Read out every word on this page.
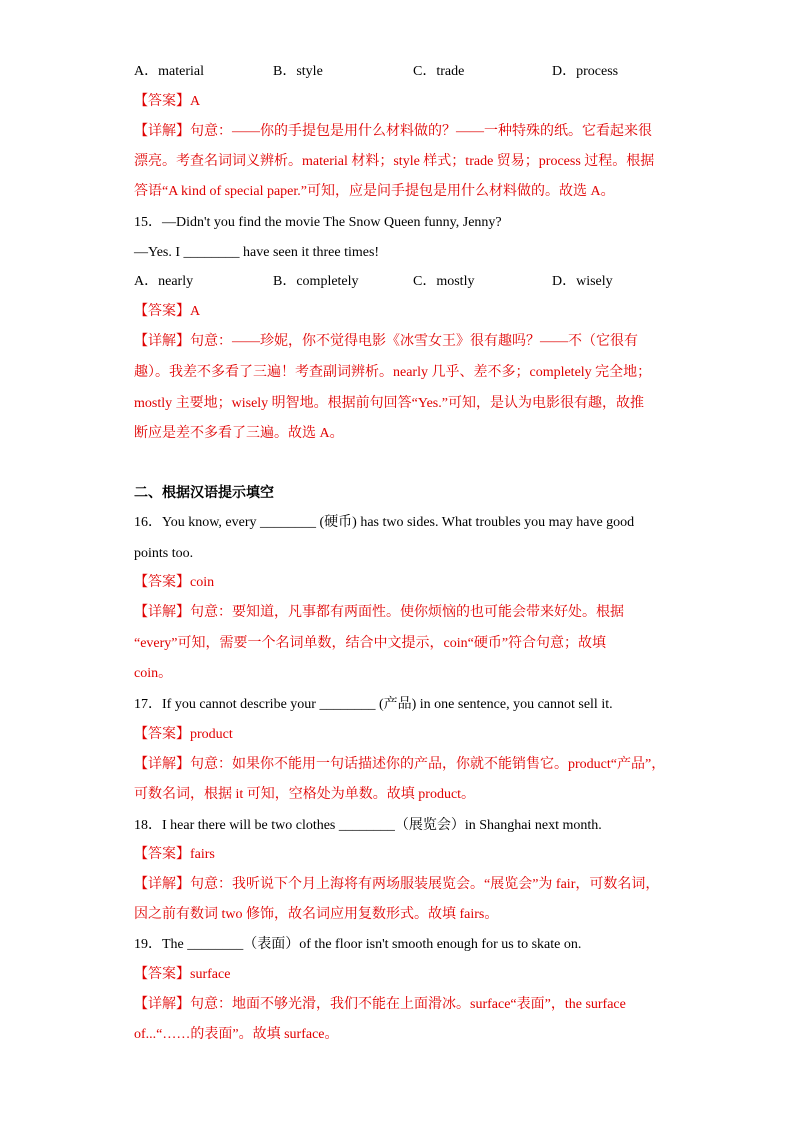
A．material	B．style	C．trade	D．process
【答案】A
【详解】句意：——你的手提包是用什么材料做的？——一种特殊的纸。它看起来很
漂亮。考查名词词义辨析。material 材料；style 样式；trade 贸易；process 过程。根据
答语“A kind of special paper.”可知，应是问手提包是用什么材料做的。故选 A。
15．—Didn't you find the movie The Snow Queen funny, Jenny?
—Yes. I ________ have seen it three times!
A．nearly	B．completely	C．mostly	D．wisely
【答案】A
【详解】句意：——珍妮，你不觉得电影《冰雪女王》很有趣吗？——不（它很有
趣）。我差不多看了三遍！考查副词辨析。nearly 几乎、差不多；completely 完全地；
mostly 主要地；wisely 明智地。根据前句回答“Yes.”可知，是认为电影很有趣，故推
断应是差不多看了三遍。故选 A。
二、根据汉语提示填空
16．You know, every ________ (硬币) has two sides. What troubles you may have good
points too.
【答案】coin
【详解】句意：要知道，凡事都有两面性。使你烦恼的也可能会带来好处。根据
“every”可知，需要一个名词单数，结合中文提示，coin“硬币”符合句意；故填
coin。
17．If you cannot describe your ________ (产品) in one sentence, you cannot sell it.
【答案】product
【详解】句意：如果你不能用一句话描述你的产品，你就不能销售它。product“产品”，
可数名词，根据 it 可知，空格处为单数。故填 product。
18．I hear there will be two clothes ________（展览会）in Shanghai next month.
【答案】fairs
【详解】句意：我听说下个月上海将有两场服装展览会。“展览会”为 fair，可数名词，
因之前有数词 two 修饰，故名词应用复数形式。故填 fairs。
19．The ________（表面）of the floor isn't smooth enough for us to skate on.
【答案】surface
【详解】句意：地面不够光滑，我们不能在上面滑冰。surface“表面”，the surface
of...“……的表面”。故填 surface。
